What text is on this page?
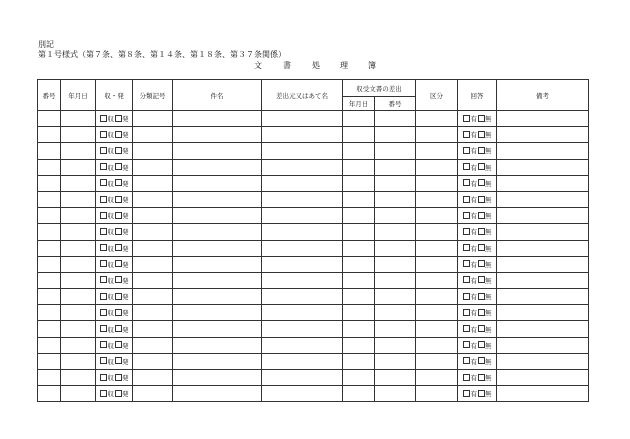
別記
第１号様式（第７条、第８条、第１４条、第１８条、第３７条関係）
文	書	処	理	簿
番号	年月日	収・発	分類記号	件名	差出元又はあて名	収受文書の差出		区分	回答	備考
						年月日	番号			
		収 発							有 無	
		収 発							有 無	
		収 発							有 無	
		収 発							有 無	
		収 発							有 無	
		収 発							有 無	
		収 発							有 無	
		収 発							有 無	
		収 発							有 無	
		収 発							有 無	
		収 発							有 無	
		収 発							有 無	
		収 発							有 無	
		収 発							有 無	
		収 発							有 無	
		収 発							有 無	
		収 発							有 無	
		収 発							有 無	
